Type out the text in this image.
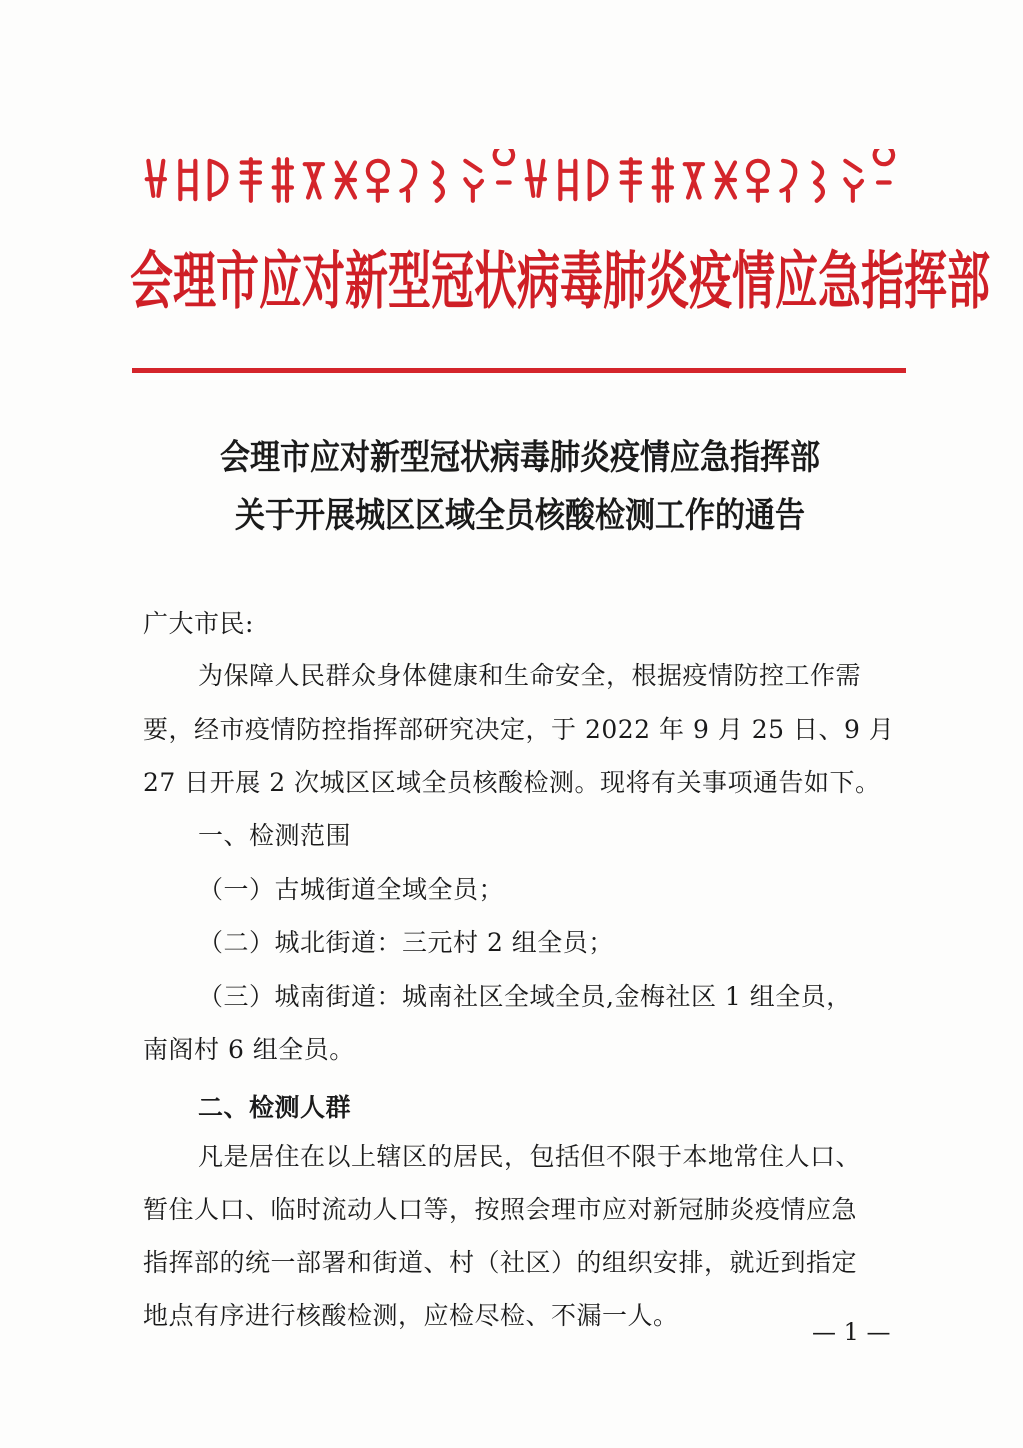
会理市应对新型冠状病毒肺炎疫情应急指挥部
会理市应对新型冠状病毒肺炎疫情应急指挥部
关于开展城区区域全员核酸检测工作的通告

广大市民:

为保障人民群众身体健康和生命安全，根据疫情防控工作需

要，经市疫情防控指挥部研究决定，于 2022 年 9 月 25 日、9 月

27 日开展 2 次城区区域全员核酸检测。现将有关事项通告如下。

一、检测范围

（一）古城街道全域全员；

（二）城北街道：三元村 2 组全员；

（三）城南街道：城南社区全域全员,金梅社区 1 组全员，

南阁村 6 组全员。

二、检测人群

凡是居住在以上辖区的居民，包括但不限于本地常住人口、

暂住人口、临时流动人口等，按照会理市应对新冠肺炎疫情应急

指挥部的统一部署和街道、村（社区）的组织安排，就近到指定

地点有序进行核酸检测，应检尽检、不漏一人。

— 1 —
